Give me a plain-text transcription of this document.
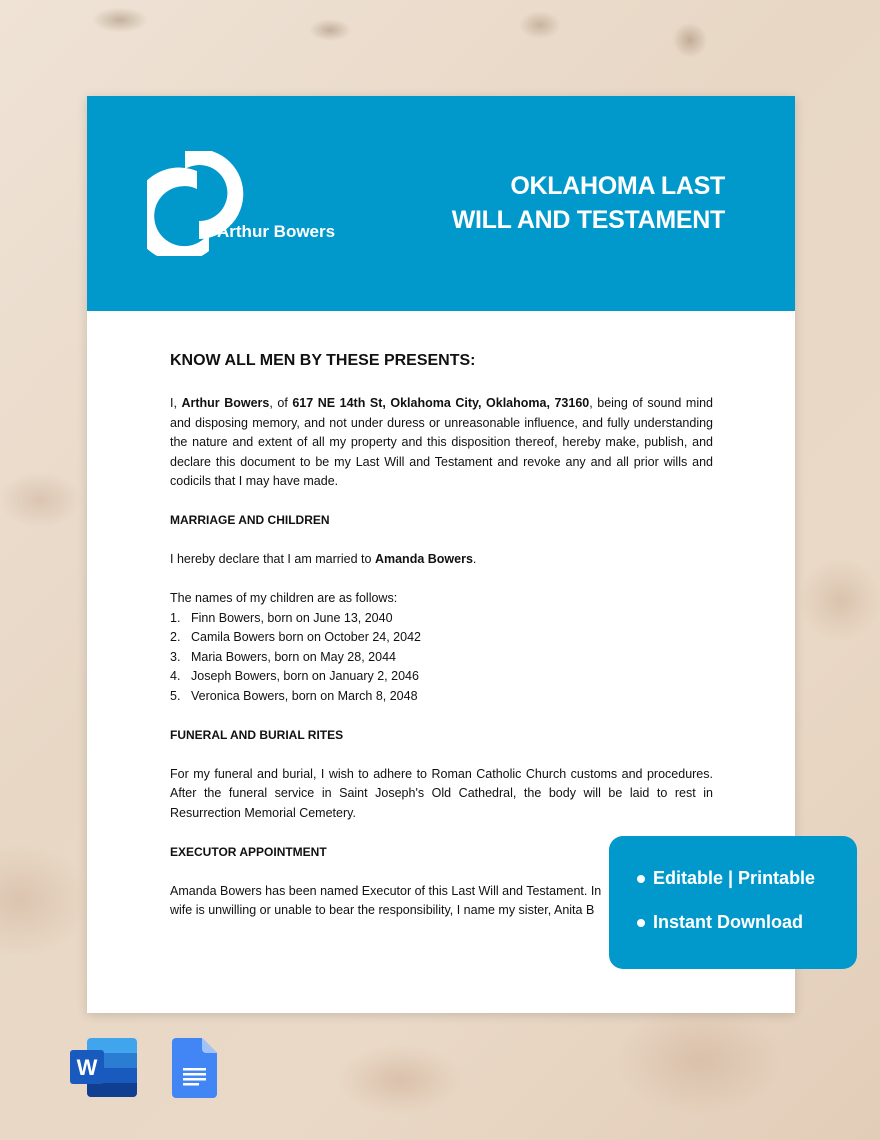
Arthur Bowers
OKLAHOMA LAST
WILL AND TESTAMENT
KNOW ALL MEN BY THESE PRESENTS:
I, Arthur Bowers, of 617 NE 14th St, Oklahoma City, Oklahoma, 73160, being of sound mind and disposing memory, and not under duress or unreasonable influence, and fully understanding the nature and extent of all my property and this disposition thereof, hereby make, publish, and declare this document to be my Last Will and Testament and revoke any and all prior wills and codicils that I may have made.
MARRIAGE AND CHILDREN
I hereby declare that I am married to Amanda Bowers.
The names of my children are as follows:
1. Finn Bowers, born on June 13, 2040
2. Camila Bowers born on October 24, 2042
3. Maria Bowers, born on May 28, 2044
4. Joseph Bowers, born on January 2, 2046
5. Veronica Bowers, born on March 8, 2048
FUNERAL AND BURIAL RITES
For my funeral and burial, I wish to adhere to Roman Catholic Church customs and procedures. After the funeral service in Saint Joseph's Old Cathedral, the body will be laid to rest in Resurrection Memorial Cemetery.
EXECUTOR APPOINTMENT
Amanda Bowers has been named Executor of this Last Will and Testament. In
wife is unwilling or unable to bear the responsibility, I name my sister, Anita B
Editable | Printable
Instant Download
W
